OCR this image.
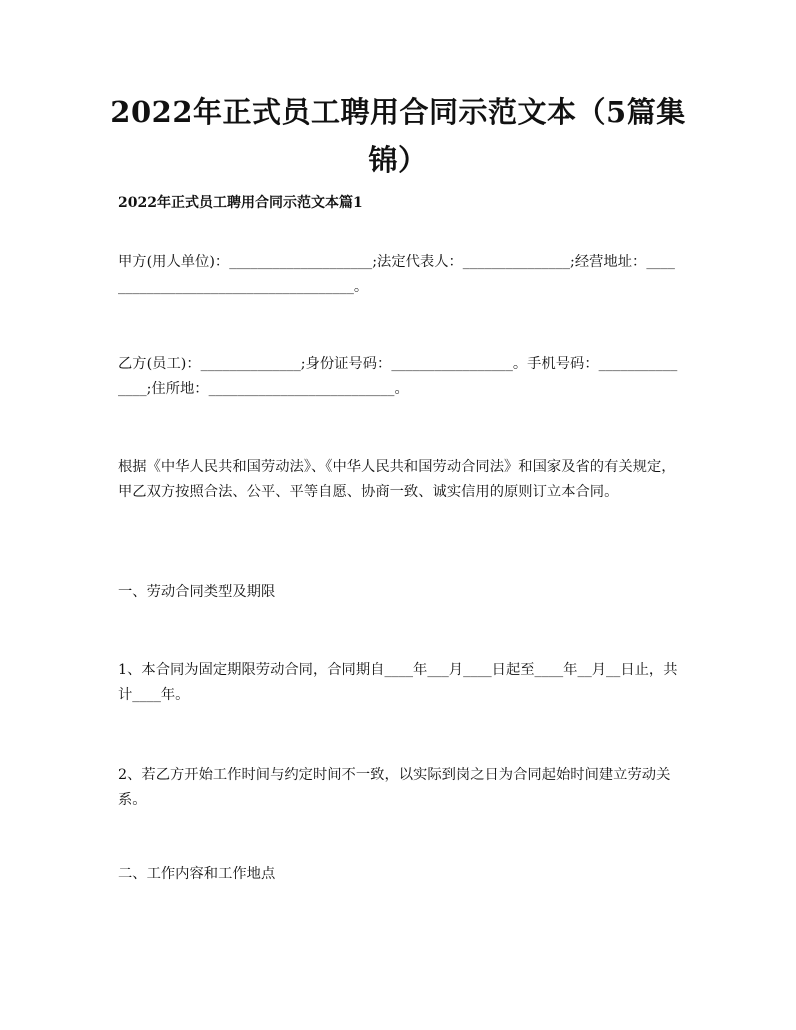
2022年正式员工聘用合同示范文本（5篇集锦）
2022年正式员工聘用合同示范文本篇1
甲方(用人单位)：____________________;法定代表人：_______________;经营地址：_____________________________________。
乙方(员工)：______________;身份证号码：_________________。手机号码：_______________;住所地：__________________________。
根据《中华人民共和国劳动法》、《中华人民共和国劳动合同法》和国家及省的有关规定，甲乙双方按照合法、公平、平等自愿、协商一致、诚实信用的原则订立本合同。
一、劳动合同类型及期限
1、本合同为固定期限劳动合同，合同期自____年___月____日起至____年__月__日止，共计____年。
2、若乙方开始工作时间与约定时间不一致，以实际到岗之日为合同起始时间建立劳动关系。
二、工作内容和工作地点
